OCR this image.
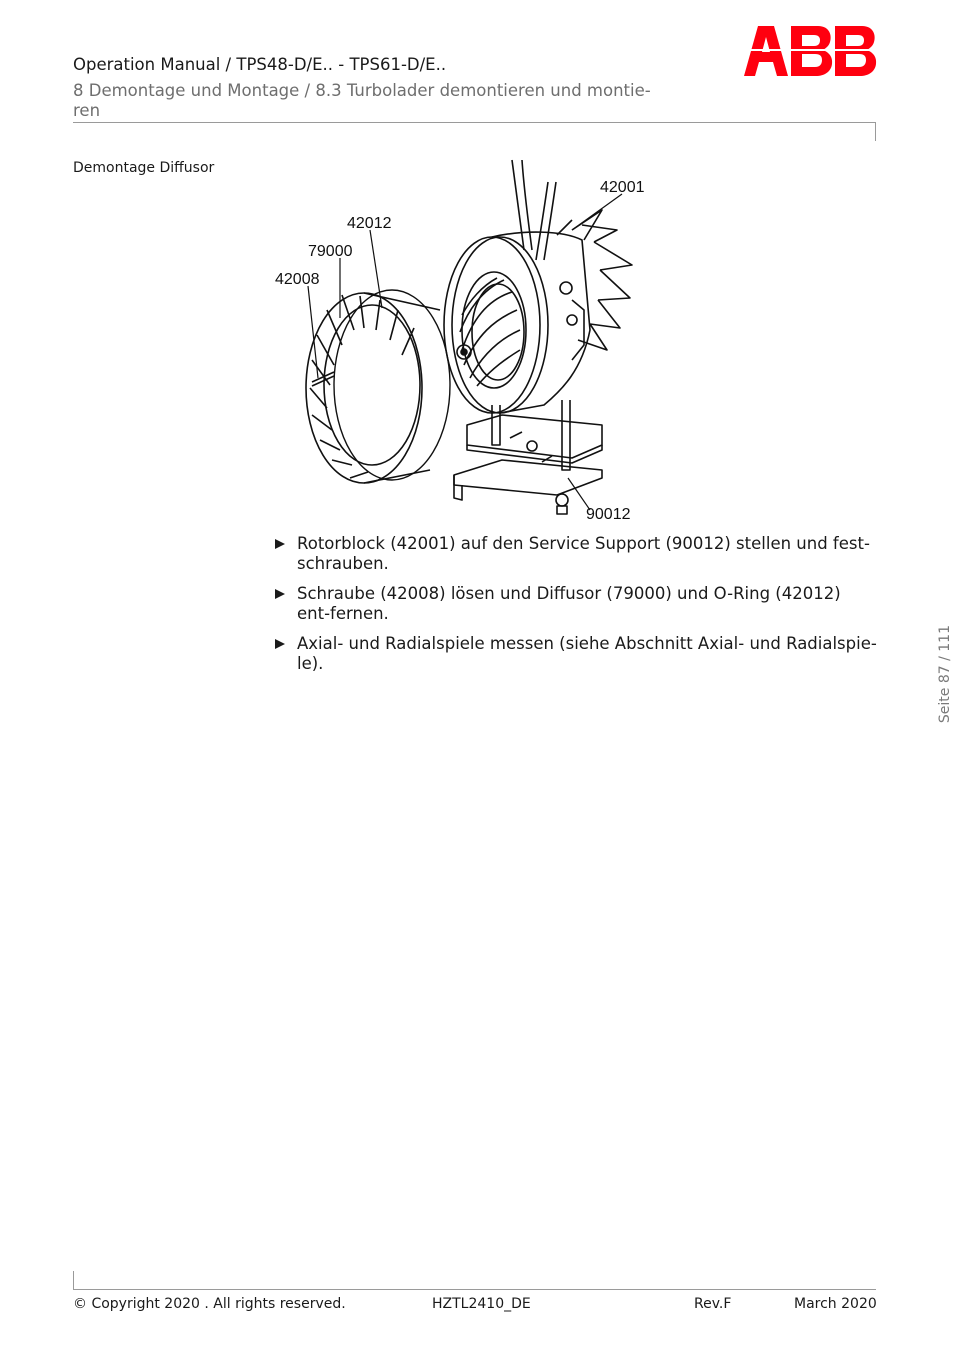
Operation Manual / TPS48-D/E.. - TPS61-D/E..
8 Demontage und Montage / 8.3 Turbolader demontieren und montie-ren
Demontage Diffusor
42001
42012
79000
42008
90012
Rotorblock (42001) auf den Service Support (90012) stellen und fest-schrauben.
Schraube (42008) lösen und Diffusor (79000) und O-Ring (42012) ent-fernen.
Axial- und Radialspiele messen (siehe Abschnitt Axial- und Radialspie-le).	Seite 87 / 111
© Copyright 2020 . All rights reserved.	HZTL2410_DE	Rev.F	March 2020
